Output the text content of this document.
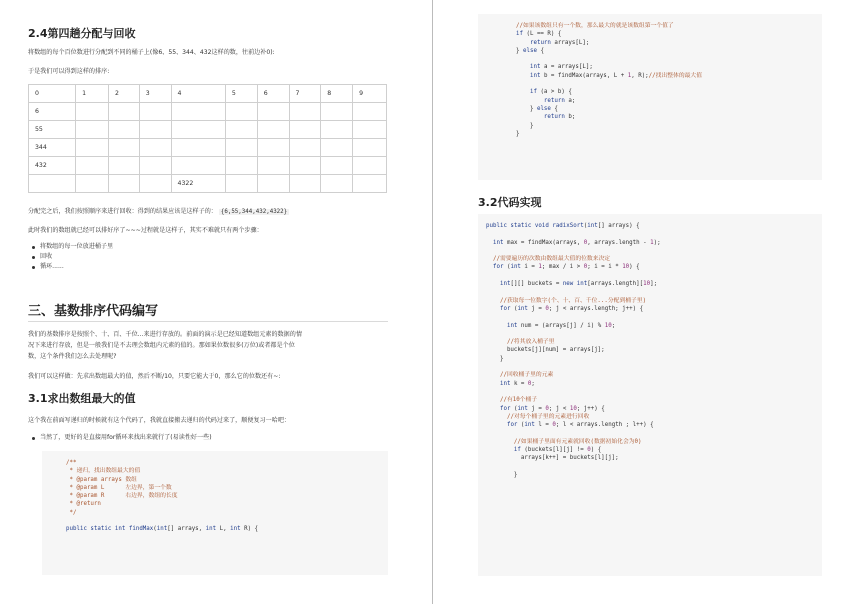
2.4第四趟分配与回收
将数组的每个百位数进行分配到不同的桶子上(像6、55、344、432这样的数，往前边补0):
于是我们可以得到这样的排序:
0	1	2	3	4	5	6	7	8	9
6									
55									
344									
432									
				4322					
分配完之后，我们按照顺序来进行回收：得到的结果应该是这样子的： {6,55,344,432,4322}
此时我们的数组就已经可以排好序了~~~过程就是这样子，其实不难就只有两个步骤：
将数组的每一位放进桶子里
回收
循环......
三、基数排序代码编写
我们的基数排序是按照个、十、百、千位...来进行存放的。前面的演示是已经知道数组元素的数据的情
况下来进行存放，但是一般我们是不去理会数组内元素的值的。那如果位数很多(万位)或者都是个位
数，这个条件我们怎么去处理呢?
我们可以这样做：先求出数组最大的值，然后不断/10，只要它能大于0，那么它的位数还有~:
3.1求出数组最大的值
这个我在前面写递归的时候就有这个代码了，我就直接搬去递归的代码过来了，顺便复习一哈吧：
当然了，更好的是直接用for循环来找出来就行了(易读性好一些)
/**
* 递归，找出数组最大的值
* @param arrays 数组
* @param L      左边界，第一个数
* @param R      右边界，数组的长度
* @return
*/

public static int findMax(int[] arrays, int L, int R) {
//如果该数组只有一个数，那么最大的就是该数组第一个值了
if (L == R) {
return arrays[L];
} else {

int a = arrays[L];
int b = findMax(arrays, L + 1, R);//找出整体的最大值

if (a > b) {
return a;
} else {
return b;
}
}
3.2代码实现
public static void radixSort(int[] arrays) {

int max = findMax(arrays, 0, arrays.length - 1);

//需要遍历的次数由数组最大值的位数来决定
for (int i = 1; max / i > 0; i = i * 10) {

int[][] buckets = new int[arrays.length][10];

//获取每一位数字(个、十、百、千位...分配到桶子里)
for (int j = 0; j < arrays.length; j++) {

int num = (arrays[j] / i) % 10;

//将其放入桶子里
buckets[j][num] = arrays[j];
}

//回收桶子里的元素
int k = 0;

//有10个桶子
for (int j = 0; j < 10; j++) {
//对每个桶子里的元素进行回收
for (int l = 0; l < arrays.length ; l++) {

//如果桶子里面有元素就回收(数据初始化会为0)
if (buckets[l][j] != 0) {
arrays[k++] = buckets[l][j];

}
